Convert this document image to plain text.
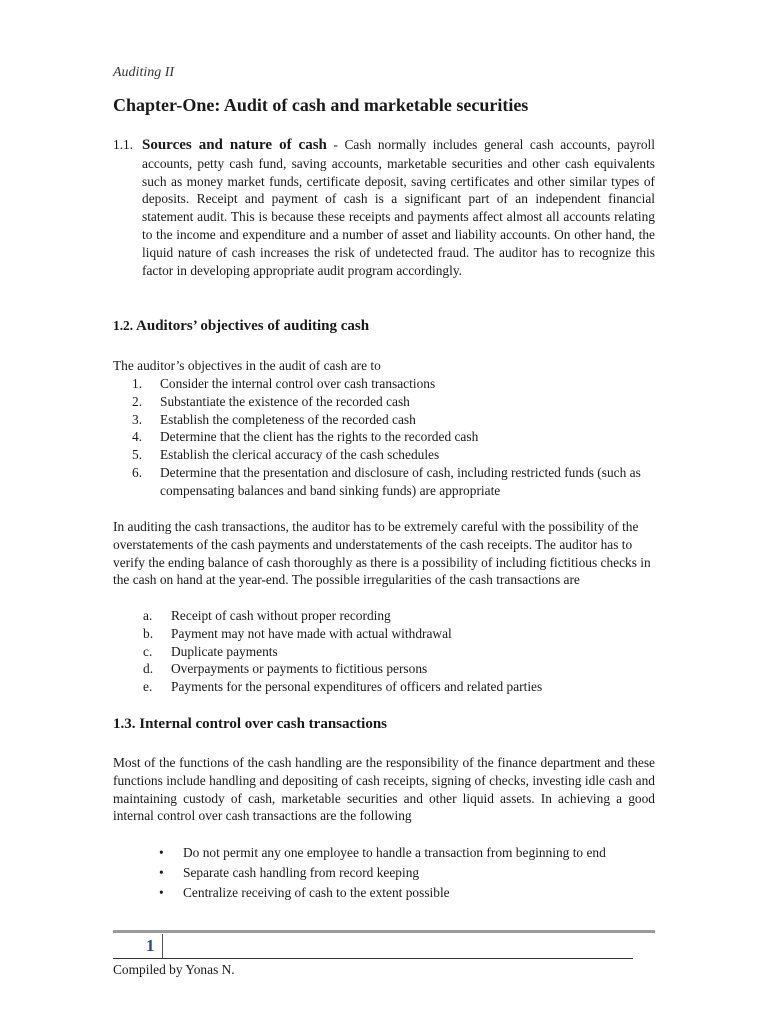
Auditing II
Chapter-One: Audit of cash and marketable securities
1.1. Sources and nature of cash - Cash normally includes general cash accounts, payroll accounts, petty cash fund, saving accounts, marketable securities and other cash equivalents such as money market funds, certificate deposit, saving certificates and other similar types of deposits. Receipt and payment of cash is a significant part of an independent financial statement audit. This is because these receipts and payments affect almost all accounts relating to the income and expenditure and a number of asset and liability accounts. On other hand, the liquid nature of cash increases the risk of undetected fraud. The auditor has to recognize this factor in developing appropriate audit program accordingly.
1.2. Auditors’ objectives of auditing cash
The auditor’s objectives in the audit of cash are to
1. Consider the internal control over cash transactions
2. Substantiate the existence of the recorded cash
3. Establish the completeness of the recorded cash
4. Determine that the client has the rights to the recorded cash
5. Establish the clerical accuracy of the cash schedules
6. Determine that the presentation and disclosure of cash, including restricted funds (such as compensating balances and band sinking funds) are appropriate
In auditing the cash transactions, the auditor has to be extremely careful with the possibility of the overstatements of the cash payments and understatements of the cash receipts. The auditor has to verify the ending balance of cash thoroughly as there is a possibility of including fictitious checks in the cash on hand at the year-end. The possible irregularities of the cash transactions are
a. Receipt of cash without proper recording
b. Payment may not have made with actual withdrawal
c. Duplicate payments
d. Overpayments or payments to fictitious persons
e. Payments for the personal expenditures of officers and related parties
1.3. Internal control over cash transactions
Most of the functions of the cash handling are the responsibility of the finance department and these functions include handling and depositing of cash receipts, signing of checks, investing idle cash and maintaining custody of cash, marketable securities and other liquid assets. In achieving a good internal control over cash transactions are the following
• Do not permit any one employee to handle a transaction from beginning to end
• Separate cash handling from record keeping
• Centralize receiving of cash to the extent possible
1
Compiled by Yonas N.
